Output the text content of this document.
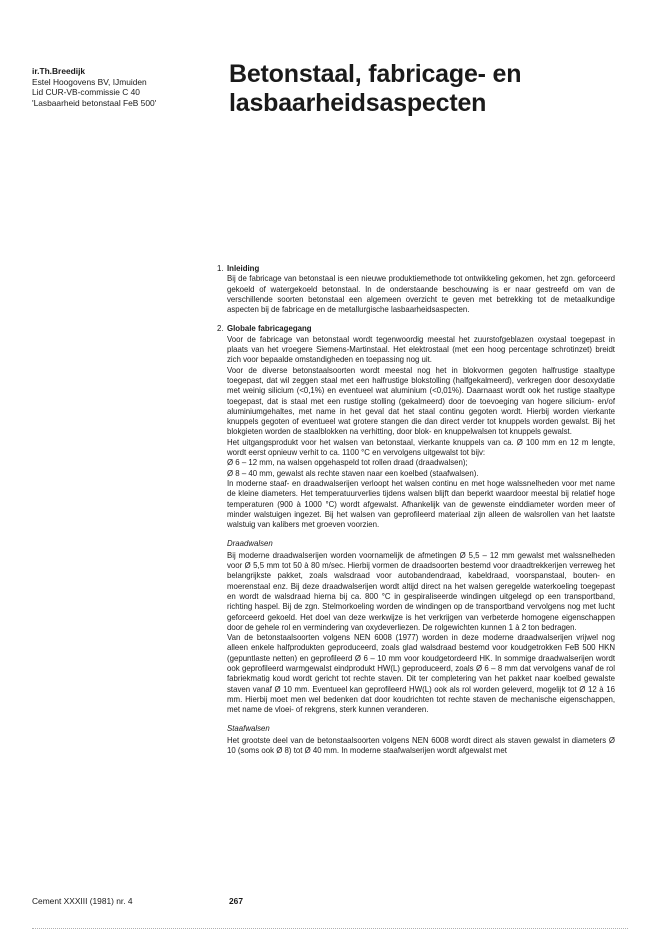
ir.Th.Breedijk
Estel Hoogovens BV, IJmuiden
Lid CUR-VB-commissie C 40
'Lasbaarheid betonstaal FeB 500'
Betonstaal, fabricage- en
lasbaarheidsaspecten
1. Inleiding

Bij de fabricage van betonstaal is een nieuwe produktiemethode tot ontwikkeling gekomen, het zgn. geforceerd gekoeld of watergekoeld betonstaal. In de onderstaande beschouwing is er naar gestreefd om van de verschillende soorten betonstaal een algemeen overzicht te geven met betrekking tot de metaalkundige aspecten bij de fabricage en de metallurgische lasbaarheidsaspecten.

2. Globale fabricagegang

Voor de fabricage van betonstaal wordt tegenwoordig meestal het zuurstofgeblazen oxystaal toegepast in plaats van het vroegere Siemens-Martinstaal. Het elektrostaal (met een hoog percentage schrotinzet) breidt zich voor bepaalde omstandigheden en toepassing nog uit.

Voor de diverse betonstaalsoorten wordt meestal nog het in blokvormen gegoten halfrustige staaltype toegepast, dat wil zeggen staal met een halfrustige blokstolling (halfgekalmeerd), verkregen door desoxydatie met weinig silicium (<0,1%) en eventueel wat aluminium (<0,01%). Daarnaast wordt ook het rustige staaltype toegepast, dat is staal met een rustige stolling (gekalmeerd) door de toevoeging van hogere silicium- en/of aluminiumgehaltes, met name in het geval dat het staal continu gegoten wordt. Hierbij worden vierkante knuppels gegoten of eventueel wat grotere stangen die dan direct verder tot knuppels worden gewalst. Bij het blokgieten worden de staalblokken na verhitting, door blok- en knuppelwalsen tot knuppels gewalst.

Het uitgangsprodukt voor het walsen van betonstaal, vierkante knuppels van ca. Ø 100 mm en 12 m lengte, wordt eerst opnieuw verhit to ca. 1100 °C en vervolgens uitgewalst tot bijv:

Ø 6 – 12 mm, na walsen opgehaspeld tot rollen draad (draadwalsen);

Ø 8 – 40 mm, gewalst als rechte staven naar een koelbed (staafwalsen).

In moderne staaf- en draadwalserijen verloopt het walsen continu en met hoge walssnelheden voor met name de kleine diameters. Het temperatuurverlies tijdens walsen blijft dan beperkt waardoor meestal bij relatief hoge temperaturen (900 à 1000 °C) wordt afgewalst. Afhankelijk van de gewenste einddiameter worden meer of minder walstuigen ingezet. Bij het walsen van geprofileerd materiaal zijn alleen de walsrollen van het laatste walstuig van kalibers met groeven voorzien.

Draadwalsen

Bij moderne draadwalserijen worden voornamelijk de afmetingen Ø 5,5 – 12 mm gewalst met walssnelheden voor Ø 5,5 mm tot 50 à 80 m/sec. Hierbij vormen de draadsoorten bestemd voor draadtrekkerijen verreweg het belangrijkste pakket, zoals walsdraad voor autobandendraad, kabeldraad, voorspanstaal, bouten- en moerenstaal enz. Bij deze draadwalserijen wordt altijd direct na het walsen geregelde waterkoeling toegepast en wordt de walsdraad hierna bij ca. 800 °C in gespiraliseerde windingen uitgelegd op een transportband, richting haspel. Bij de zgn. Stelmorkoeling worden de windingen op de transportband vervolgens nog met lucht geforceerd gekoeld. Het doel van deze werkwijze is het verkrijgen van verbeterde homogene eigenschappen door de gehele rol en vermindering van oxydeverliezen. De rolgewichten kunnen 1 à 2 ton bedragen.

Van de betonstaalsoorten volgens NEN 6008 (1977) worden in deze moderne draadwalserijen vrijwel nog alleen enkele halfprodukten geproduceerd, zoals glad walsdraad bestemd voor koudgetrokken FeB 500 HKN (gepuntlaste netten) en geprofileerd Ø 6 – 10 mm voor koudgetordeerd HK. In sommige draadwalserijen wordt ook geprofileerd warmgewalst eindprodukt HW(L) geproduceerd, zoals Ø 6 – 8 mm dat vervolgens vanaf de rol fabriekmatig koud wordt gericht tot rechte staven. Dit ter completering van het pakket naar koelbed gewalste staven vanaf Ø 10 mm. Eventueel kan geprofileerd HW(L) ook als rol worden geleverd, mogelijk tot Ø 12 à 16 mm. Hierbij moet men wel bedenken dat door koudrichten tot rechte staven de mechanische eigenschappen, met name de vloei- of rekgrens, sterk kunnen veranderen.

Staafwalsen

Het grootste deel van de betonstaalsoorten volgens NEN 6008 wordt direct als staven gewalst in diameters Ø 10 (soms ook Ø 8) tot Ø 40 mm. In moderne staafwalserijen wordt afgewalst met

Cement XXXIII (1981) nr. 4	267
